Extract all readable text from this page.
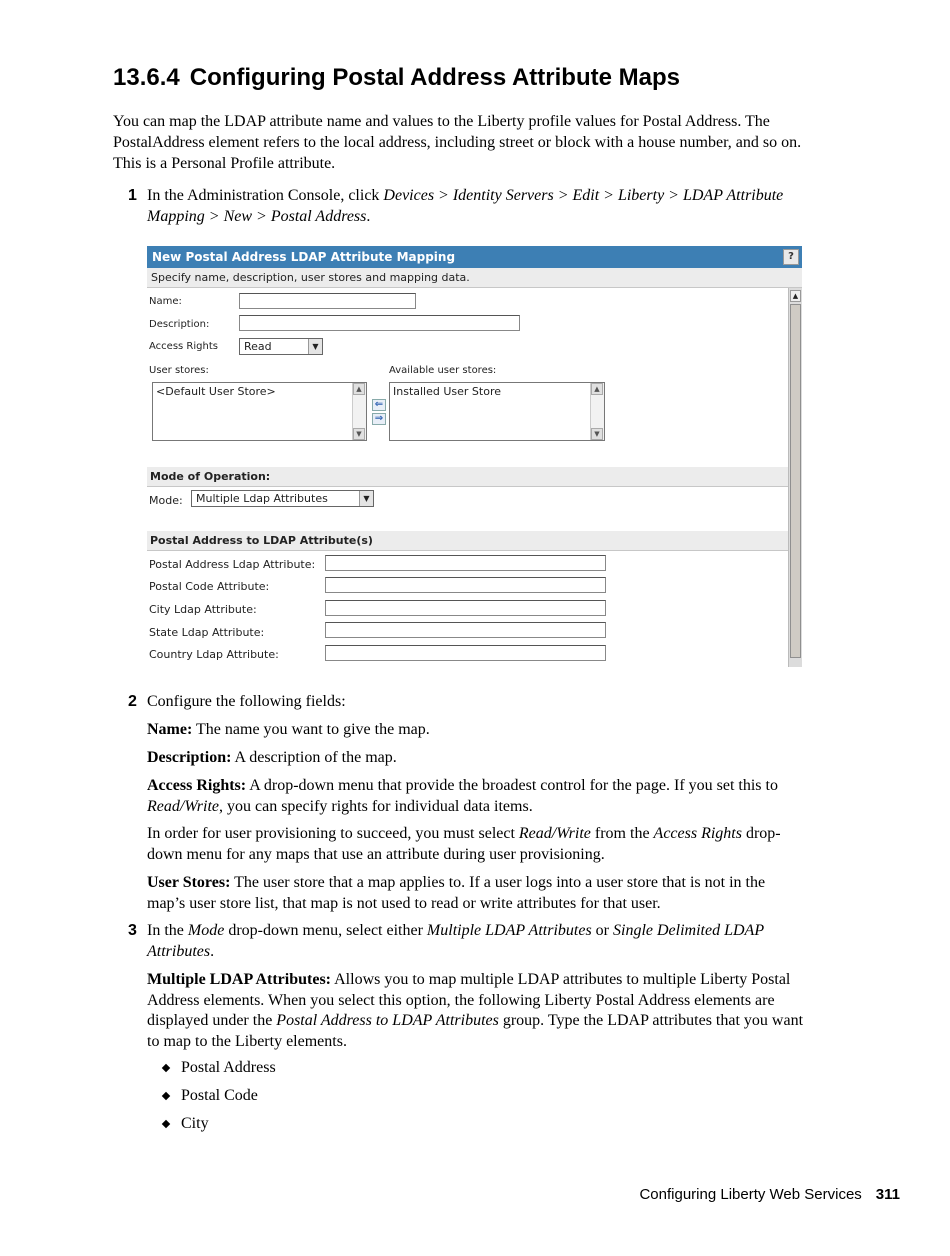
13.6.4 Configuring Postal Address Attribute Maps

You can map the LDAP attribute name and values to the Liberty profile values for Postal Address. The PostalAddress element refers to the local address, including street or block with a house number, and so on. This is a Personal Profile attribute.

1 In the Administration Console, click Devices > Identity Servers > Edit > Liberty > LDAP Attribute Mapping > New > Postal Address.
New Postal Address LDAP Attribute Mapping	?
Specify name, description, user stores and mapping data.
Name:
Description:
Access Rights	Read	▼
User stores:
<Default User Store>	▲
▼
⇐
⇒
Available user stores:
Installed User Store	▲
▼
Mode of Operation:
Mode:	Multiple Ldap Attributes	▼
Postal Address to LDAP Attribute(s)
Postal Address Ldap Attribute:
Postal Code Attribute:
City Ldap Attribute:
State Ldap Attribute:
Country Ldap Attribute:
▲
2 Configure the following fields:

Name: The name you want to give the map.

Description: A description of the map.

Access Rights: A drop-down menu that provide the broadest control for the page. If you set this to Read/Write, you can specify rights for individual data items.

In order for user provisioning to succeed, you must select Read/Write from the Access Rights drop-down menu for any maps that use an attribute during user provisioning.

User Stores: The user store that a map applies to. If a user logs into a user store that is not in the map’s user store list, that map is not used to read or write attributes for that user.

3 In the Mode drop-down menu, select either Multiple LDAP Attributes or Single Delimited LDAP Attributes.

Multiple LDAP Attributes: Allows you to map multiple LDAP attributes to multiple Liberty Postal Address elements. When you select this option, the following Liberty Postal Address elements are displayed under the Postal Address to LDAP Attributes group. Type the LDAP attributes that you want to map to the Liberty elements.

Postal Address
Postal Code
City
Configuring Liberty Web Services 311
